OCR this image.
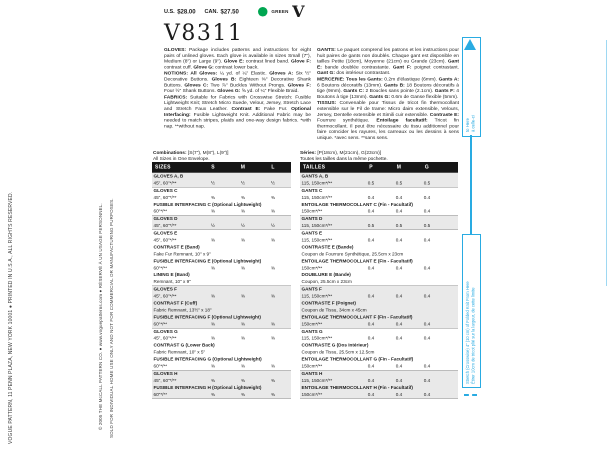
VOGUE PATTERN, 11 PENN PLAZA, NEW YORK 10001 ● PRINTED IN U.S.A., ALL RIGHTS RESERVED.	© 2005 THE McCALL PATTERN CO. ● www.voguepatterns.com ● RÉSERVÉ À UN USAGE PERSONNEL. SOLD FOR INDIVIDUAL HOME USE ONLY AND NOT FOR COMMERCIAL OR MANUFACTURING PURPOSES.
U.S. $28.00 CAN. $27.50	GREEN V
V8311
GLOVES: Package includes patterns and instructions for eight pairs of unlined gloves. Each glove is available in sizes Small (7"), Medium (8") or Large (9"). Glove E: contrast lined band. Glove F: contrast cuff. Glove G: contrast lower back.
NOTIONS: All Gloves: ¼ yd. of ¼" Elastic. Gloves A: Six ½" Decorative Buttons. Gloves B: Eighteen ⅜" Decorative Shank Buttons. Gloves C: Two ⅞" Buckles Without Prongs. Gloves F: Four ½" Shank Buttons. Gloves G: ⅝ yd. of ¼" Flexible Braid.
FABRICS: Suitable for Fabrics with Crosswise Stretch: Fusible Lightweight Knit; Stretch Micro Suede, Velour, Jersey, Stretch Lace and Stretch Faux Leather. Contrast E: Fake Fur. Optional Interfacing: Fusible Lightweight Knit. Additional Fabric may be needed to match stripes, plaids and one-way design fabrics. *with nap. **without nap.
GANTS: Le paquet comprend les patrons et les instructions pour huit paires de gants non doublés. Chaque gant est disponible en tailles Petite (18cm), Moyenne (21cm) ou Grande (23cm). Gant E: bande doublée contrastante. Gant F: poignet contrastant. Gant G: dos intérieur contrastant.
MERCERIE: Tous les Gants: 0.2m d'élastique (6mm). Gants A: 6 Boutons décoratifs (13mm). Gants B: 18 Boutons décoratifs à tige (9mm). Gants C: 2 Boucles sans pointe (2.1cm). Gants F: 4 Boutons à tige (13mm). Gants G: 0.6m de Ganse flexible (5mm).
TISSUS: Convenable pour Tissus de tricot fin thermocollant extensible sur le Fil de trame: Micro daim extensible, Velours, Jersey, Dentelle extensible et Simili cuir extensible. Contraste E: Fourrure synthétique. Entoilage facultatif: Tricot fin thermocollant. Il peut être nécessaire du tissu additionnel pour faire coïncider les rayures, les carreaux ou les dessins à sens unique. *avec sens. **sans sens.
Combinations: [S(7"), M(8"), L(9")]
All Sizes in One Envelope.
Séries: [P(18cm), M(21cm), G(23cm)]
Toutes les tailles dans la même pochette.
SIZES	S	M	L
GLOVES A, B
45", 60"*/**	½	½	½
GLOVES C
45", 60"*/**	⅜	⅜	⅜
FUSIBLE INTERFACING C (Optional Lightweight)
60"*/**	⅜	⅜	⅜
GLOVES D
45", 60"*/**	½	½	½
GLOVES E
45", 60"*/**	⅜	⅜	⅜
CONTRAST E (Band)
Fake Fur Remnant, 10" x 9"
FUSIBLE INTERFACING E (Optional Lightweight)
60"*/**	⅜	⅜	⅜
LINING E (Band)
Remnant, 10" x 9"
GLOVES F
45", 60"*/**	⅜	⅜	⅜
CONTRAST F (Cuff)
Fabric Remnant, 13½" x 18"
FUSIBLE INTERFACING F (Optional Lightweight)
60"*/**	⅜	⅜	⅜
GLOVES G
45", 60"*/**	⅜	⅜	⅜
CONTRAST G (Lower Back)
Fabric Remnant, 10" x 5"
FUSIBLE INTERFACING G (Optional Lightweight)
60"*/**	⅜	⅜	⅜
GLOVES H
45", 60"*/**	⅜	⅜	⅜
FUSIBLE INTERFACING H (Optional Lightweight)
60"*/**	⅜	⅜	⅜
TAILLES	P	M	G
GANTS A, B
115, 150cm*/**	0.5	0.5	0.5
GANTS C
115, 150cm*/**	0.4	0.4	0.4
ENTOILAGE THERMOCOLLANT C (Fin - Facultatif)
150cm*/**	0.4	0.4	0.4
GANTS D
115, 150cm*/**	0.5	0.5	0.5
GANTS E
115, 150cm*/**	0.4	0.4	0.4
CONTRASTE E (Bande)
Coupon de Fourrure Synthétique, 25.5cm x 23cm
ENTOILAGE THERMOCOLLANT E (Fin - Facultatif)
150cm*/**	0.4	0.4	0.4
DOUBLURE E (Bande)
Coupon, 25.5cm x 23cm
GANTS F
115, 150cm*/**	0.4	0.4	0.4
CONTRASTE F (Poignet)
Coupon de Tissu, 34cm x 45cm
ENTOILAGE THERMOCOLLANT F (Fin - Facultatif)
150cm*/**	0.4	0.4	0.4
GANTS G
115, 150cm*/**	0.4	0.4	0.4
CONTRASTE G (Dos Intérieur)
Coupon de Tissu, 25.5cm x 12.5cm
ENTOILAGE THERMOCOLLANT G (Fin - Facultatif)
150cm*/**	0.4	0.4	0.4
GANTS H
115, 150cm*/**	0.4	0.4	0.4
ENTOILAGE THERMOCOLLANT H (Fin - Facultatif)
150cm*/**	0.4	0.4	0.4
to Here à celle-ci
Stretch (Crosswise) 4" (10 cm) of Folded Knit From Here Étirer 10cm de tricot plié sur la largeur, de cette limite
